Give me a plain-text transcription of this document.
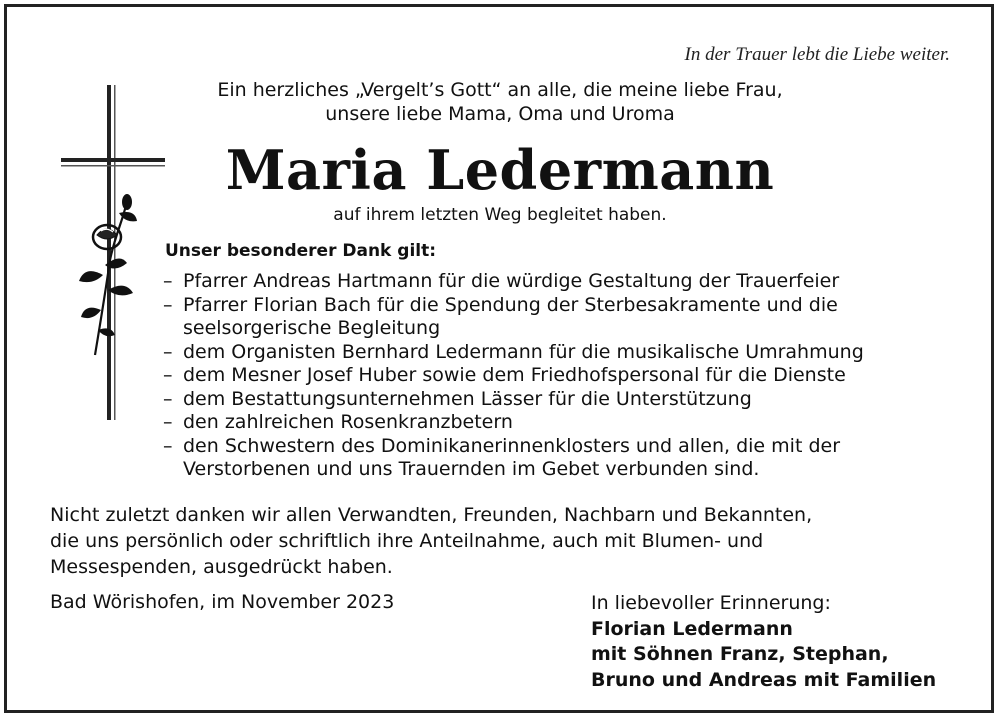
In der Trauer lebt die Liebe weiter.
Ein herzliches „Vergelt’s Gott“ an alle, die meine liebe Frau,
unsere liebe Mama, Oma und Uroma
Maria Ledermann
auf ihrem letzten Weg begleitet haben.
Unser besonderer Dank gilt:
– Pfarrer Andreas Hartmann für die würdige Gestaltung der Trauerfeier
– Pfarrer Florian Bach für die Spendung der Sterbesakramente und die
seelsorgerische Begleitung
– dem Organisten Bernhard Ledermann für die musikalische Umrahmung
– dem Mesner Josef Huber sowie dem Friedhofspersonal für die Dienste
– dem Bestattungsunternehmen Lässer für die Unterstützung
– den zahlreichen Rosenkranzbetern
– den Schwestern des Dominikanerinnenklosters und allen, die mit der
Verstorbenen und uns Trauernden im Gebet verbunden sind.
Nicht zuletzt danken wir allen Verwandten, Freunden, Nachbarn und Bekannten,
die uns persönlich oder schriftlich ihre Anteilnahme, auch mit Blumen- und
Messespenden, ausgedrückt haben.
Bad Wörishofen, im November 2023	In liebevoller Erinnerung:
Florian Ledermann
mit Söhnen Franz, Stephan,
Bruno und Andreas mit Familien
